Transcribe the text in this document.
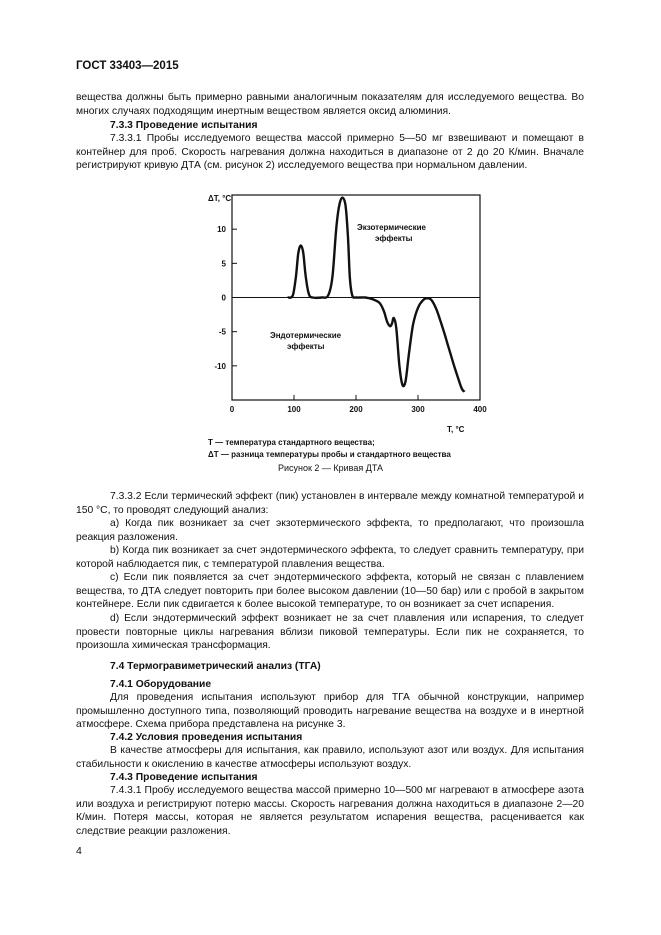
ГОСТ 33403—2015
вещества должны быть примерно равными аналогичным показателям для исследуемого вещества. Во многих случаях подходящим инертным веществом является оксид алюминия.
7.3.3 Проведение испытания
7.3.3.1 Пробы исследуемого вещества массой примерно 5—50 мг взвешивают и помещают в контейнер для проб. Скорость нагревания должна находиться в диапазоне от 2 до 20 К/мин. Вначале регистрируют кривую ДТА (см. рисунок 2) исследуемого вещества при нормальном давлении.
10
5
0
-5
-10
0	100	200	300	400
ΔT, °C
T, °C
Экзотермические
эффекты
Эндотермические
эффекты
T — температура стандартного вещества;
ΔT — разница температуры пробы и стандартного вещества
Рисунок 2 — Кривая ДТА
7.3.3.2 Если термический эффект (пик) установлен в интервале между комнатной температурой и 150 °С, то проводят следующий анализ:
а) Когда пик возникает за счет экзотермического эффекта, то предполагают, что произошла реакция разложения.
b) Когда пик возникает за счет эндотермического эффекта, то следует сравнить температуру, при которой наблюдается пик, с температурой плавления вещества.
с) Если пик появляется за счет эндотермического эффекта, который не связан с плавлением вещества, то ДТА следует повторить при более высоком давлении (10—50 бар) или с пробой в закрытом контейнере. Если пик сдвигается к более высокой температуре, то он возникает за счет испарения.
d) Если эндотермический эффект возникает не за счет плавления или испарения, то следует провести повторные циклы нагревания вблизи пиковой температуры. Если пик не сохраняется, то произошла химическая трансформация.
7.4 Термогравиметрический анализ (ТГА)
7.4.1 Оборудование
Для проведения испытания используют прибор для ТГА обычной конструкции, например промышленно доступного типа, позволяющий проводить нагревание вещества на воздухе и в инертной атмосфере. Схема прибора представлена на рисунке 3.
7.4.2 Условия проведения испытания
В качестве атмосферы для испытания, как правило, используют азот или воздух. Для испытания стабильности к окислению в качестве атмосферы используют воздух.
7.4.3 Проведение испытания
7.4.3.1 Пробу исследуемого вещества массой примерно 10—500 мг нагревают в атмосфере азота или воздуха и регистрируют потерю массы. Скорость нагревания должна находиться в диапазоне 2—20 К/мин. Потеря массы, которая не является результатом испарения вещества, расценивается как следствие реакции разложения.
4
